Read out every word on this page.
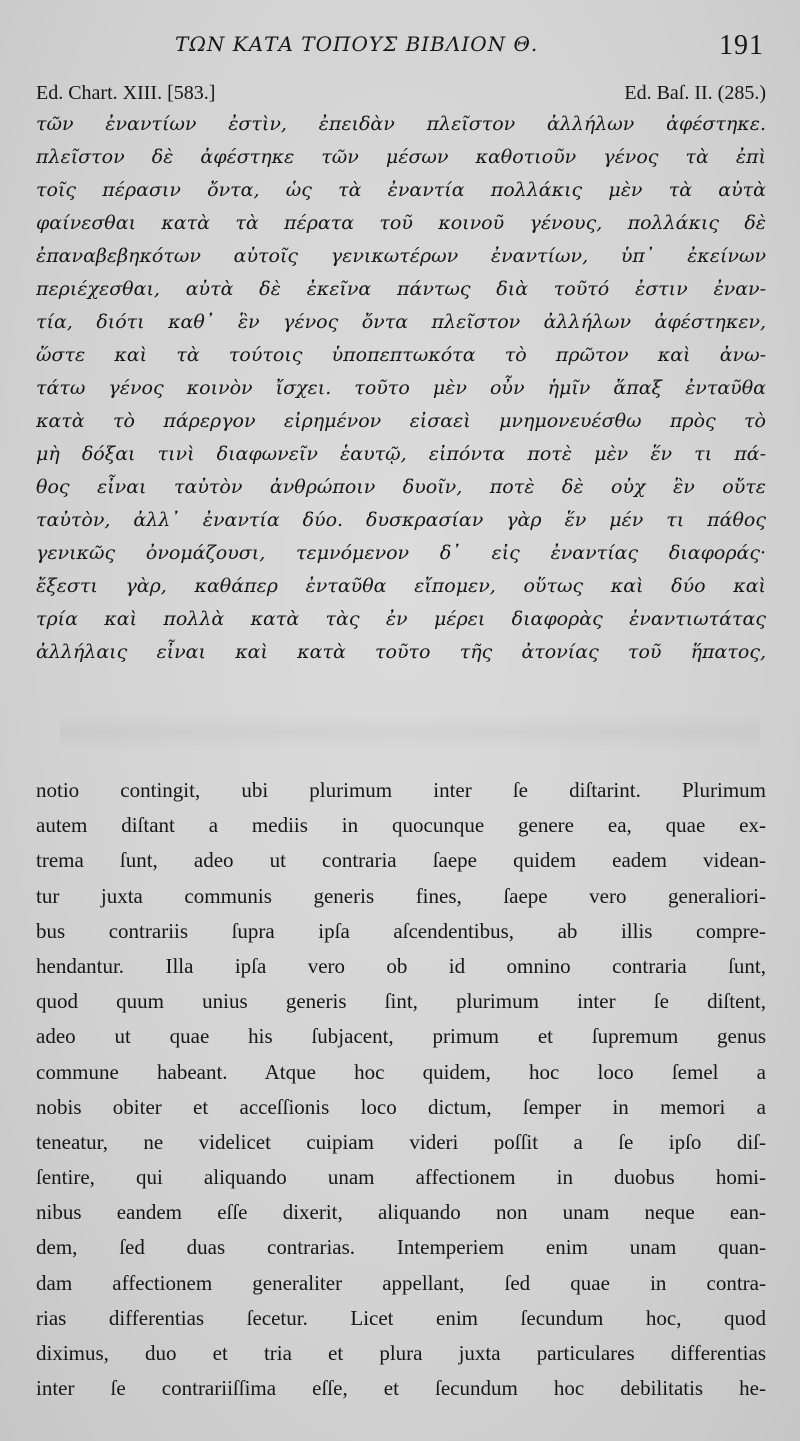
ΤΩΝ ΚΑΤΑ ΤΟΠΟΥΣ ΒΙΒΛΙΟΝ Θ.	191
Ed. Chart. XIII. [583.]	Ed. Baſ. II. (285.)
τῶν ἐναντίων ἐστὶν, ἐπειδὰν πλεῖστον ἀλλήλων ἀφέστηκε.
πλεῖστον δὲ ἀφέστηκε τῶν μέσων καθοτιοῦν γένος τὰ ἐπὶ
τοῖς πέρασιν ὄντα, ὡς τὰ ἐναντία πολλάκις μὲν τὰ αὐτὰ
φαίνεσθαι κατὰ τὰ πέρατα τοῦ κοινοῦ γένους, πολλάκις δὲ
ἐπαναβεβηκότων αὐτοῖς γενικωτέρων ἐναντίων, ὑπ᾽ ἐκείνων
περιέχεσθαι, αὐτὰ δὲ ἐκεῖνα πάντως διὰ τοῦτό ἐστιν ἐναν-
τία, διότι καθ᾽ ἓν γένος ὄντα πλεῖστον ἀλλήλων ἀφέστηκεν,
ὥστε καὶ τὰ τούτοις ὑποπεπτωκότα τὸ πρῶτον καὶ ἀνω-
τάτω γένος κοινὸν ἴσχει. τοῦτο μὲν οὖν ἡμῖν ἅπαξ ἐνταῦθα
κατὰ τὸ πάρεργον εἰρημένον εἰσαεὶ μνημονευέσθω πρὸς τὸ
μὴ δόξαι τινὶ διαφωνεῖν ἑαυτῷ, εἰπόντα ποτὲ μὲν ἕν τι πά-
θος εἶναι ταὐτὸν ἀνθρώποιν δυοῖν, ποτὲ δὲ οὐχ ἓν οὔτε
ταὐτὸν, ἀλλ᾽ ἐναντία δύο. δυσκρασίαν γὰρ ἕν μέν τι πάθος
γενικῶς ὀνομάζουσι, τεμνόμενον δ᾽ εἰς ἐναντίας διαφοράς·
ἔξεστι γὰρ, καθάπερ ἐνταῦθα εἴπομεν, οὕτως καὶ δύο καὶ
τρία καὶ πολλὰ κατὰ τὰς ἐν μέρει διαφορὰς ἐναντιωτάτας
ἀλλήλαις εἶναι καὶ κατὰ τοῦτο τῆς ἀτονίας τοῦ ἥπατος,
notio contingit, ubi plurimum inter ſe diſtarint. Plurimum
autem diſtant a mediis in quocunque genere ea, quae ex-
trema ſunt, adeo ut contraria ſaepe quidem eadem videan-
tur juxta communis generis fines, ſaepe vero generaliori-
bus contrariis ſupra ipſa aſcendentibus, ab illis compre-
hendantur. Illa ipſa vero ob id omnino contraria ſunt,
quod quum unius generis ſint, plurimum inter ſe diſtent,
adeo ut quae his ſubjacent, primum et ſupremum genus
commune habeant. Atque hoc quidem, hoc loco ſemel a
nobis obiter et acceſſionis loco dictum, ſemper in memori a
teneatur, ne videlicet cuipiam videri poſſit a ſe ipſo diſ-
ſentire, qui aliquando unam affectionem in duobus homi-
nibus eandem eſſe dixerit, aliquando non unam neque ean-
dem, ſed duas contrarias. Intemperiem enim unam quan-
dam affectionem generaliter appellant, ſed quae in contra-
rias differentias ſecetur. Licet enim ſecundum hoc, quod
diximus, duo et tria et plura juxta particulares differentias
inter ſe contrariiſſima eſſe, et ſecundum hoc debilitatis he-
